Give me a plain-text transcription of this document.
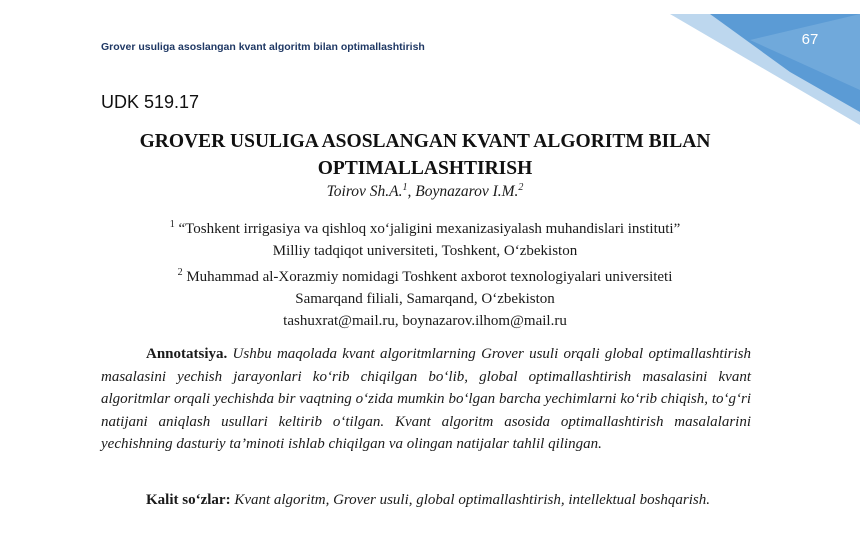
67
Grover usuliga asoslangan kvant algoritm bilan optimallashtirish
UDK 519.17
GROVER USULIGA ASOSLANGAN KVANT ALGORITM BILAN
OPTIMALLASHTIRISH
Toirov Sh.A.$^1$, Boynazarov I.M.$^2$
$^1$ “Toshkent irrigasiya va qishloq xo‘jaligini mexanizasiyalash muhandislari instituti”
Milliy tadqiqot universiteti, Toshkent, O‘zbekiston
$^2$ Muhammad al-Xorazmiy nomidagi Toshkent axborot texnologiyalari universiteti
Samarqand filiali, Samarqand, O‘zbekiston
tashuxrat@mail.ru, boynazarov.ilhom@mail.ru

Annotatsiya. Ushbu maqolada kvant algoritmlarning Grover usuli orqali global optimallashtirish masalasini yechish jarayonlari ko‘rib chiqilgan bo‘lib, global optimallashtirish masalasini kvant algoritmlar orqali yechishda bir vaqtning o‘zida mumkin bo‘lgan barcha yechimlarni ko‘rib chiqish, to‘g‘ri natijani aniqlash usullari keltirib o‘tilgan. Kvant algoritm asosida optimallashtirish masalalarini yechishning dasturiy ta’minoti ishlab chiqilgan va olingan natijalar tahlil qilingan.

Kalit so‘zlar: Kvant algoritm, Grover usuli, global optimallashtirish, intellektual boshqarish.
